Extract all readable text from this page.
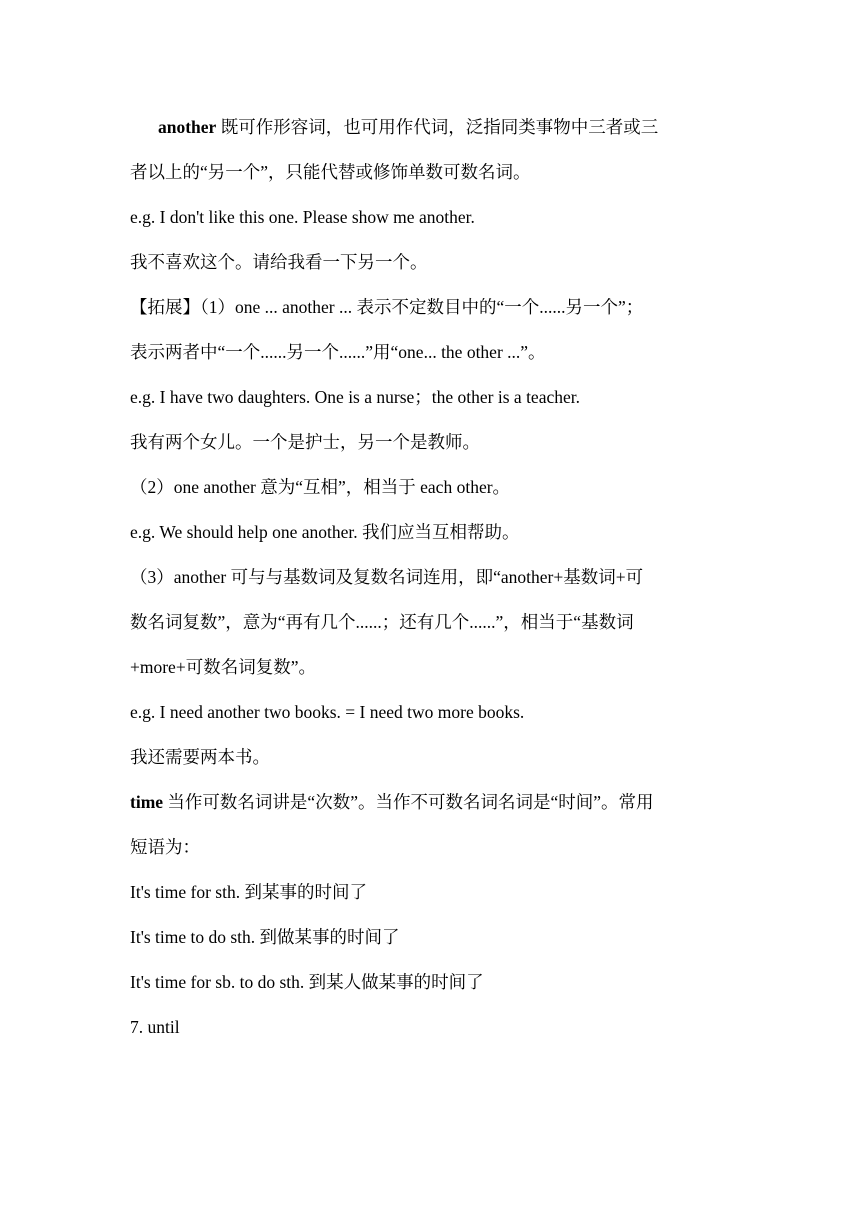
another 既可作形容词，也可用作代词，泛指同类事物中三者或三
者以上的“另一个”，只能代替或修饰单数可数名词。
e.g. I don't like this one. Please show me another.
我不喜欢这个。请给我看一下另一个。
【拓展】（1）one ... another ... 表示不定数目中的“一个......另一个”；
表示两者中“一个......另一个......”用“one... the other ...”。
e.g. I have two daughters. One is a nurse；the other is a teacher.
我有两个女儿。一个是护士，另一个是教师。
（2）one another 意为“互相”，相当于 each other。
e.g. We should help one another. 我们应当互相帮助。
（3）another 可与与基数词及复数名词连用，即“another+基数词+可
数名词复数”，意为“再有几个......；还有几个......”，相当于“基数词
+more+可数名词复数”。
e.g. I need another two books. = I need two more books.
我还需要两本书。
time 当作可数名词讲是“次数”。当作不可数名词名词是“时间”。常用
短语为：
It's time for sth. 到某事的时间了
It's time to do sth. 到做某事的时间了
It's time for sb. to do sth. 到某人做某事的时间了
7. until
